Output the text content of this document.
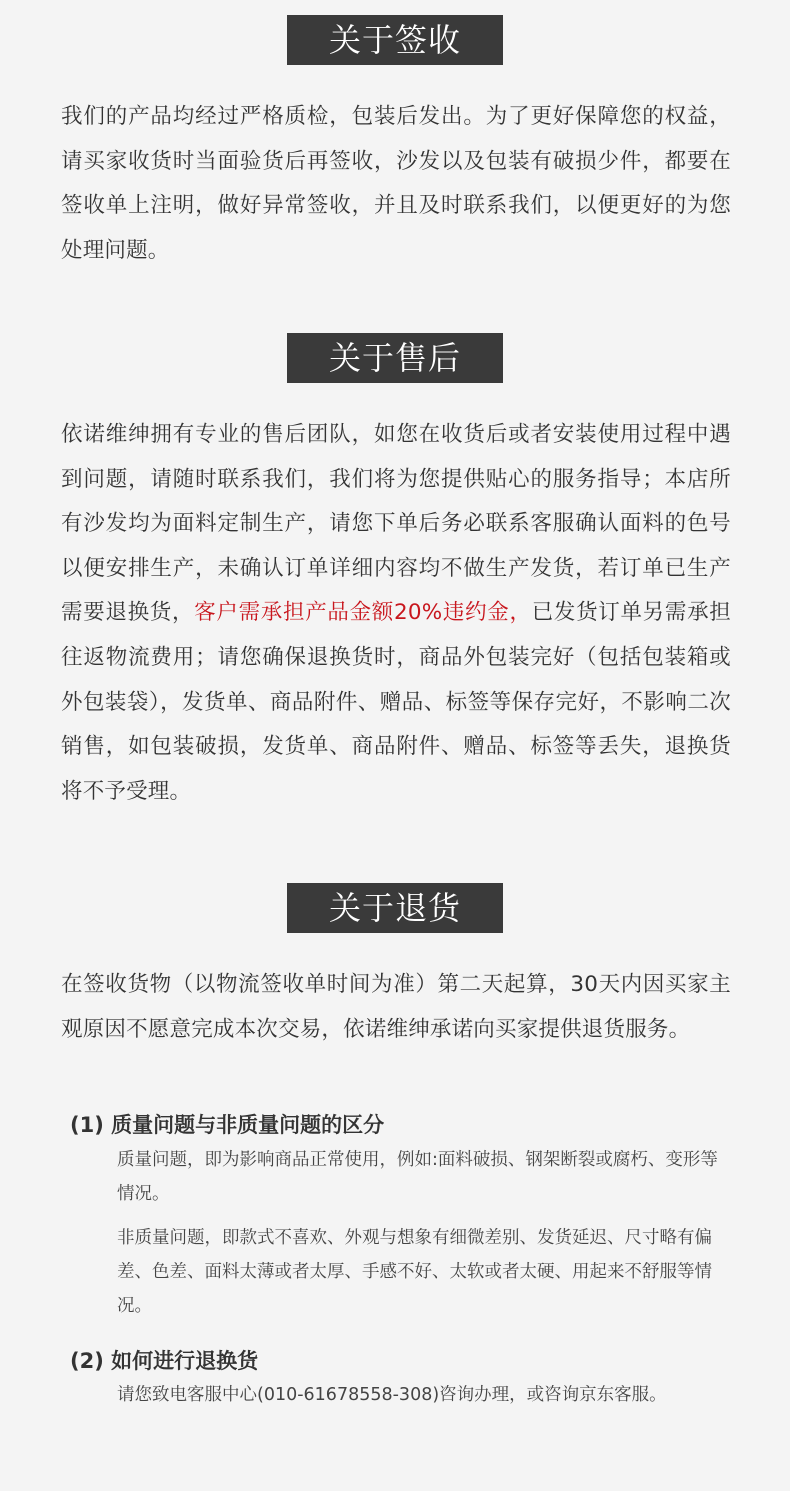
关于签收

我们的产品均经过严格质检，包装后发出。为了更好保障您的权益，请买家收货时当面验货后再签收，沙发以及包装有破损少件，都要在签收单上注明，做好异常签收，并且及时联系我们，以便更好的为您处理问题。

关于售后

依诺维绅拥有专业的售后团队，如您在收货后或者安装使用过程中遇到问题，请随时联系我们，我们将为您提供贴心的服务指导；本店所有沙发均为面料定制生产，请您下单后务必联系客服确认面料的色号以便安排生产，未确认订单详细内容均不做生产发货，若订单已生产需要退换货，客户需承担产品金额20%违约金，已发货订单另需承担往返物流费用；请您确保退换货时，商品外包装完好（包括包装箱或外包装袋），发货单、商品附件、赠品、标签等保存完好，不影响二次销售，如包装破损，发货单、商品附件、赠品、标签等丢失，退换货将不予受理。

关于退货

在签收货物（以物流签收单时间为准）第二天起算，30天内因买家主观原因不愿意完成本次交易，依诺维绅承诺向买家提供退货服务。

(1) 质量问题与非质量问题的区分

质量问题，即为影响商品正常使用，例如:面料破损、钢架断裂或腐朽、变形等情况。

非质量问题，即款式不喜欢、外观与想象有细微差别、发货延迟、尺寸略有偏差、色差、面料太薄或者太厚、手感不好、太软或者太硬、用起来不舒服等情况。

(2) 如何进行退换货

请您致电客服中心(010-61678558-308)咨询办理，或咨询京东客服。
